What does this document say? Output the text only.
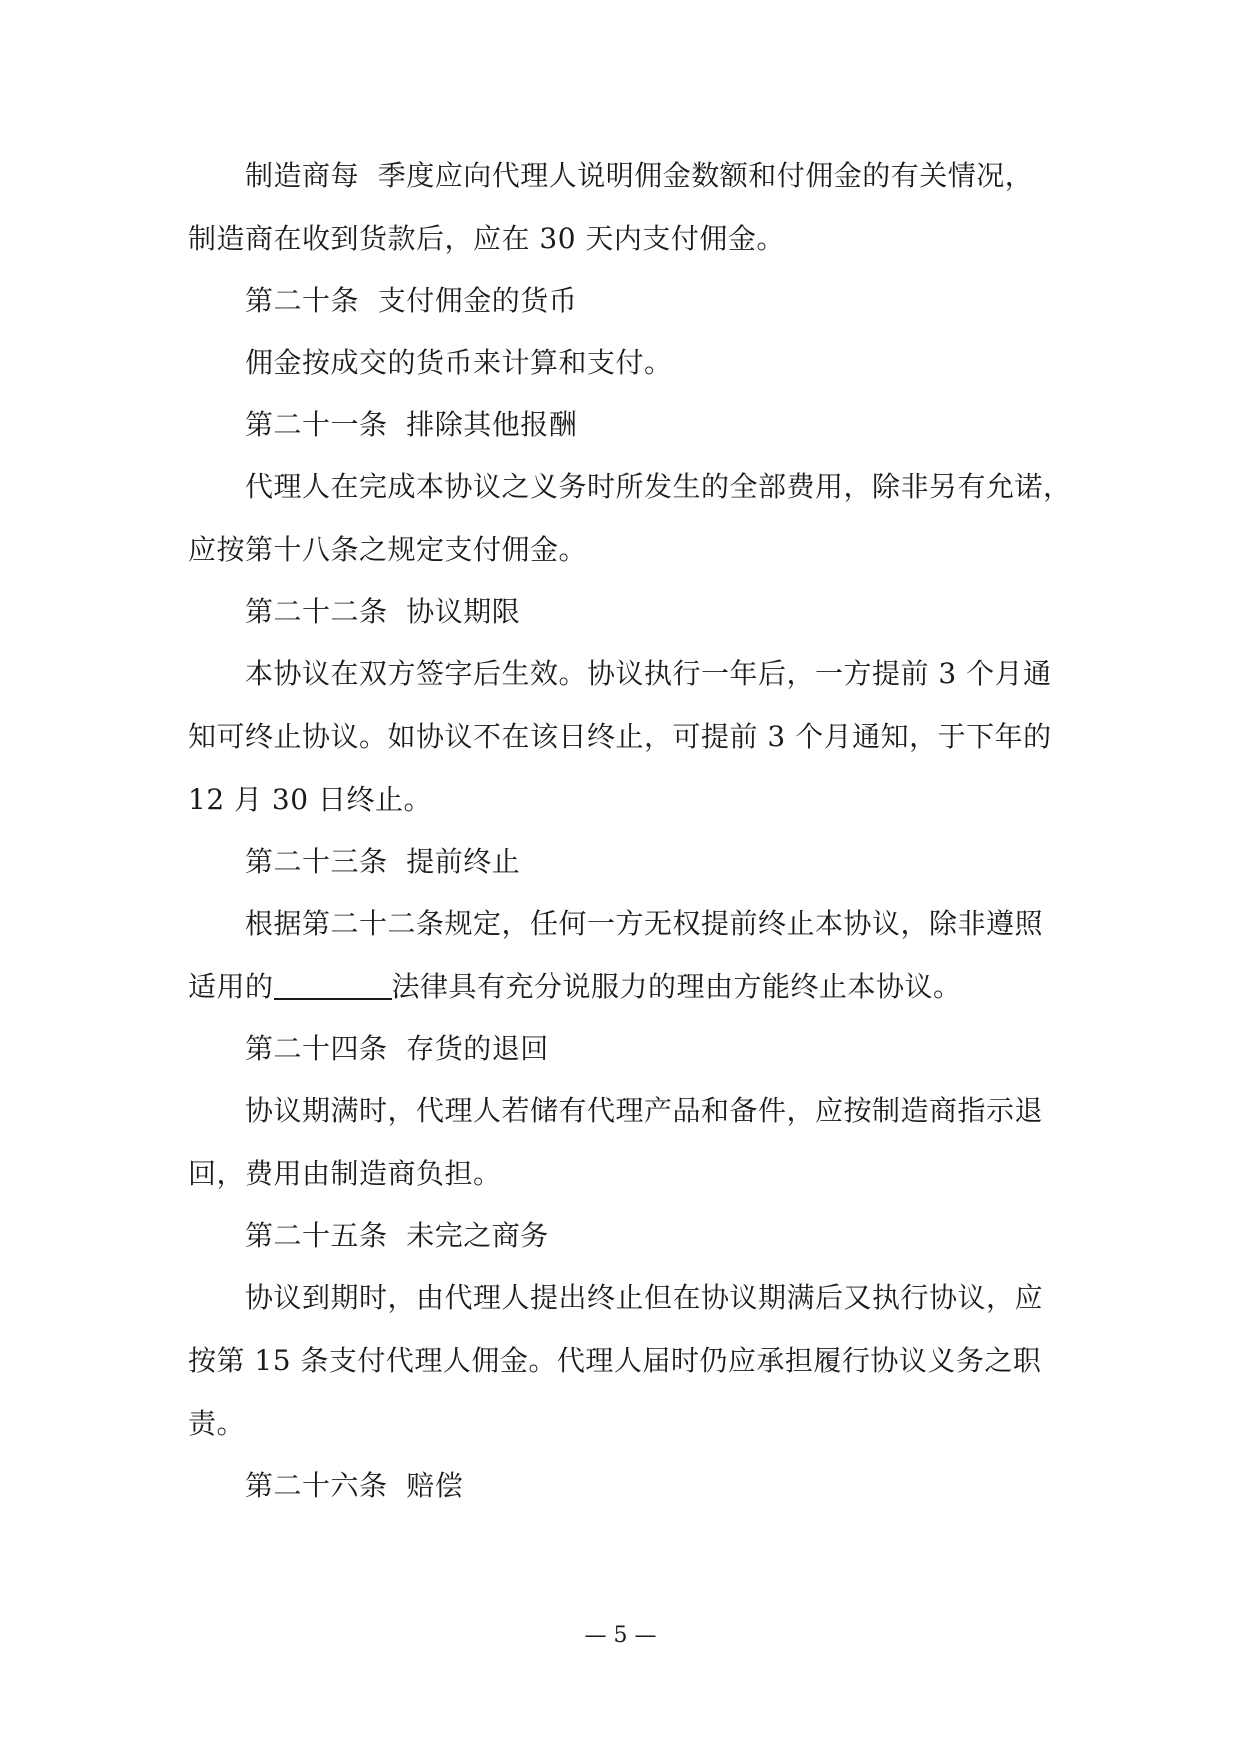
制造商每  季度应向代理人说明佣金数额和付佣金的有关情况，

制造商在收到货款后，应在 30 天内支付佣金。

第二十条  支付佣金的货币

佣金按成交的货币来计算和支付。

第二十一条  排除其他报酬

代理人在完成本协议之义务时所发生的全部费用，除非另有允诺，

应按第十八条之规定支付佣金。

第二十二条  协议期限

本协议在双方签字后生效。协议执行一年后，一方提前 3 个月通

知可终止协议。如协议不在该日终止，可提前 3 个月通知，于下年的

12 月 30 日终止。

第二十三条  提前终止

根据第二十二条规定，任何一方无权提前终止本协议，除非遵照

适用的	法律具有充分说服力的理由方能终止本协议。

第二十四条  存货的退回

协议期满时，代理人若储有代理产品和备件，应按制造商指示退

回，费用由制造商负担。

第二十五条  未完之商务

协议到期时，由代理人提出终止但在协议期满后又执行协议，应

按第 15 条支付代理人佣金。代理人届时仍应承担履行协议义务之职

责。

第二十六条  赔偿

— 5 —
